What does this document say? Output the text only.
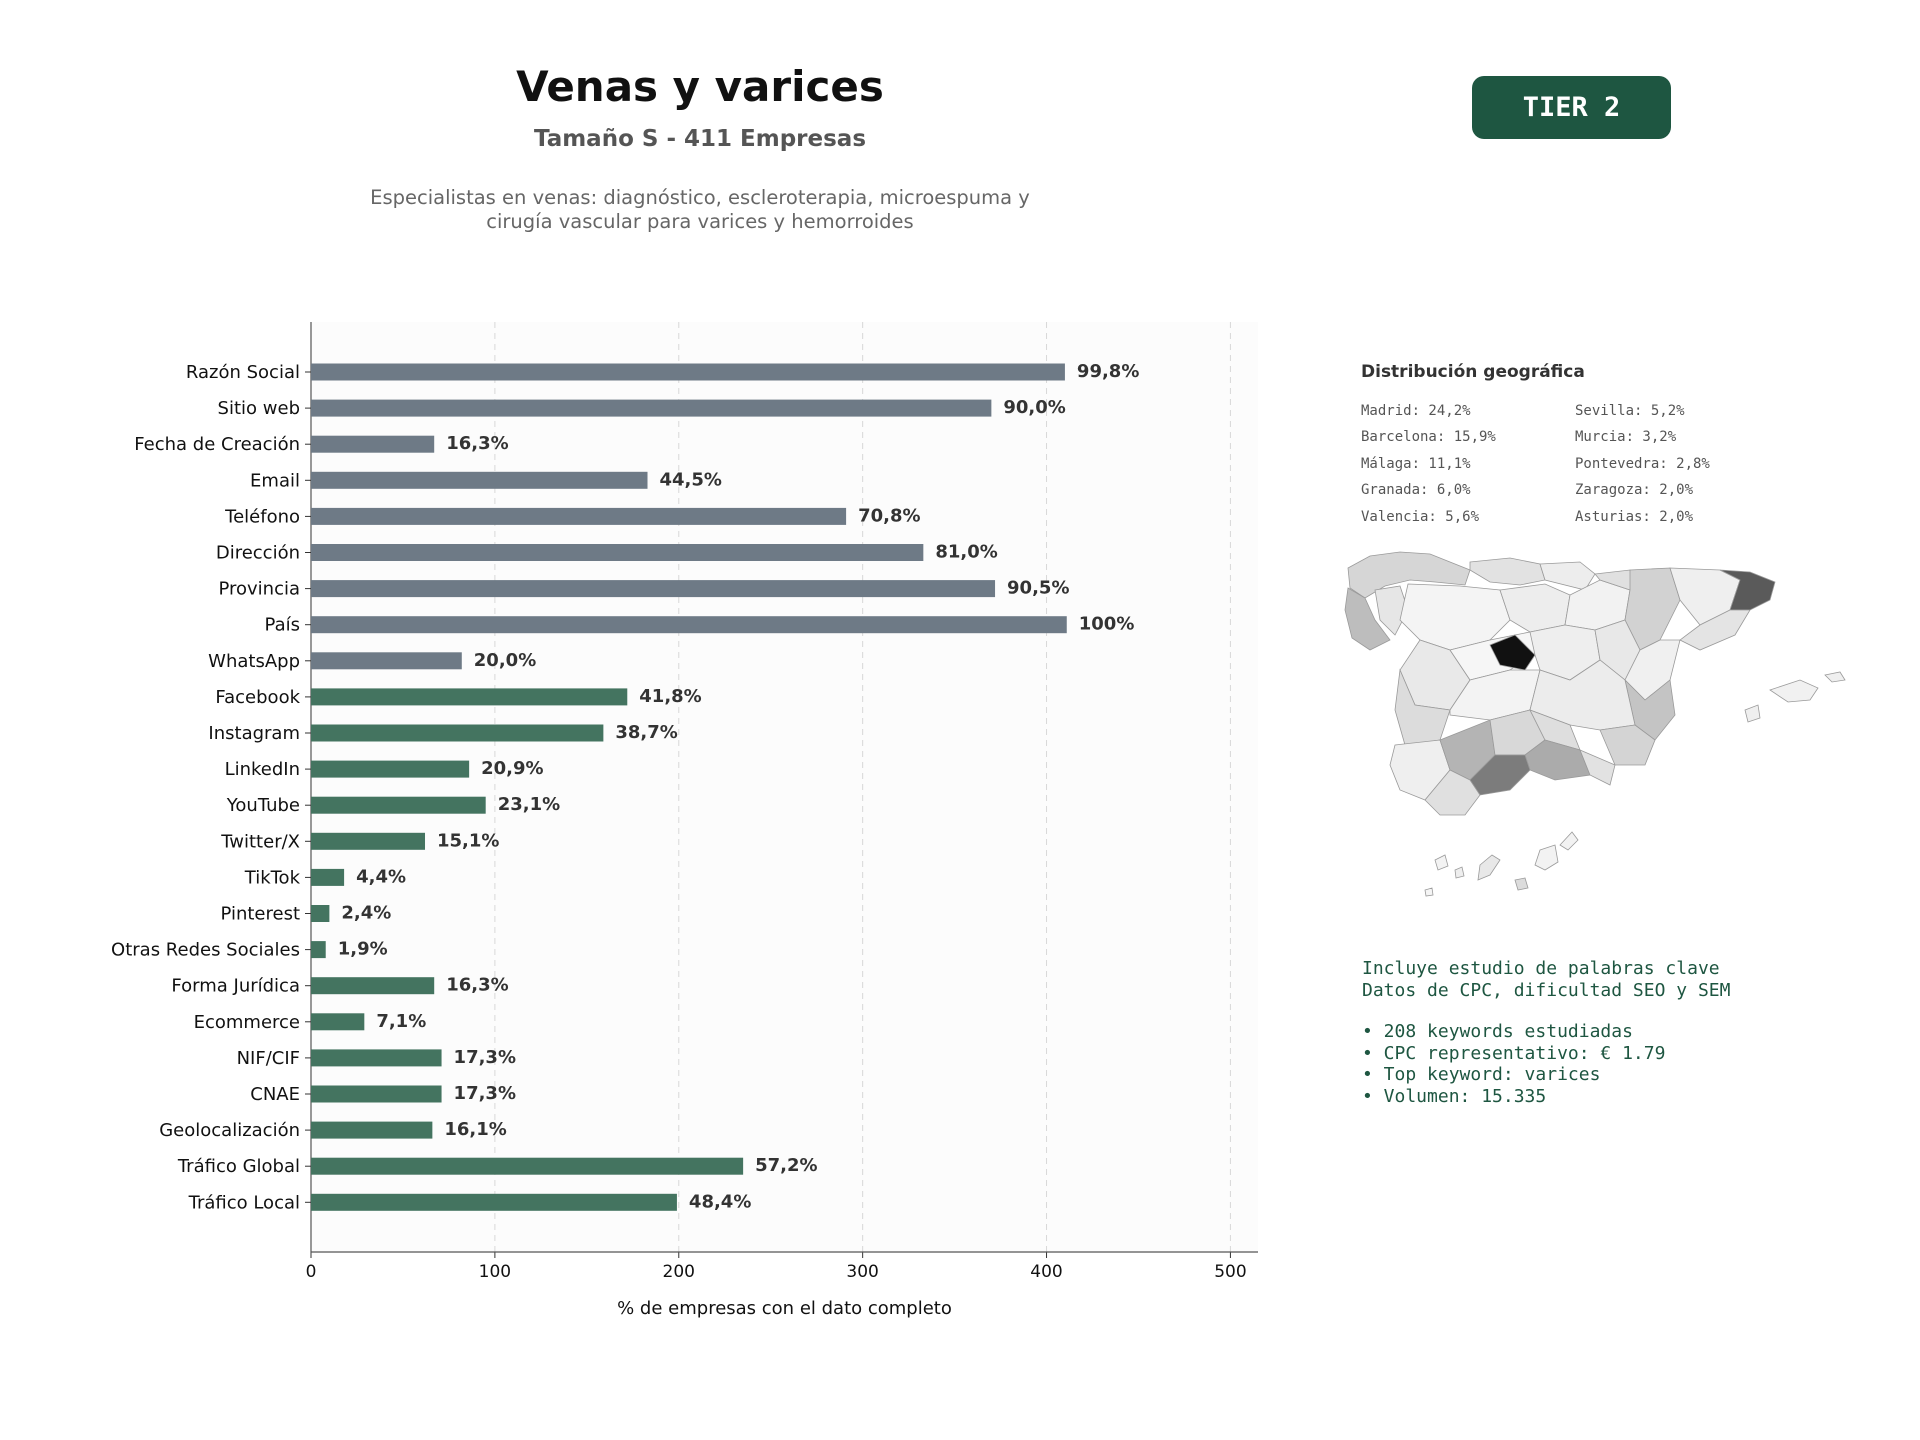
Venas y varices
Tamaño S - 411 Empresas
Especialistas en venas: diagnóstico, escleroterapia, microespuma y
cirugía vascular para varices y hemorroides
TIER 2
0	100	200	300	400	500
Razón Social	99,8%
Sitio web	90,0%
Fecha de Creación	16,3%
Email	44,5%
Teléfono	70,8%
Dirección	81,0%
Provincia	90,5%
País	100%
WhatsApp	20,0%
Facebook	41,8%
Instagram	38,7%
LinkedIn	20,9%
YouTube	23,1%
Twitter/X	15,1%
TikTok	4,4%
Pinterest 2,4%
Otras Redes Sociales 1,9%
Forma Jurídica	16,3%
Ecommerce	7,1%
NIF/CIF	17,3%
CNAE	17,3%
Geolocalización	16,1%
Tráfico Global	57,2%
Tráfico Local	48,4%
% de empresas con el dato completo
Distribución geográfica
Madrid: 24,2%
Barcelona: 15,9%
Málaga: 11,1%
Granada: 6,0%
Valencia: 5,6%
Sevilla: 5,2%
Murcia: 3,2%
Pontevedra: 2,8%
Zaragoza: 2,0%
Asturias: 2,0%
Incluye estudio de palabras clave
Datos de CPC, dificultad SEO y SEM
• 208 keywords estudiadas
• CPC representativo: € 1.79
• Top keyword: varices
• Volumen: 15.335
